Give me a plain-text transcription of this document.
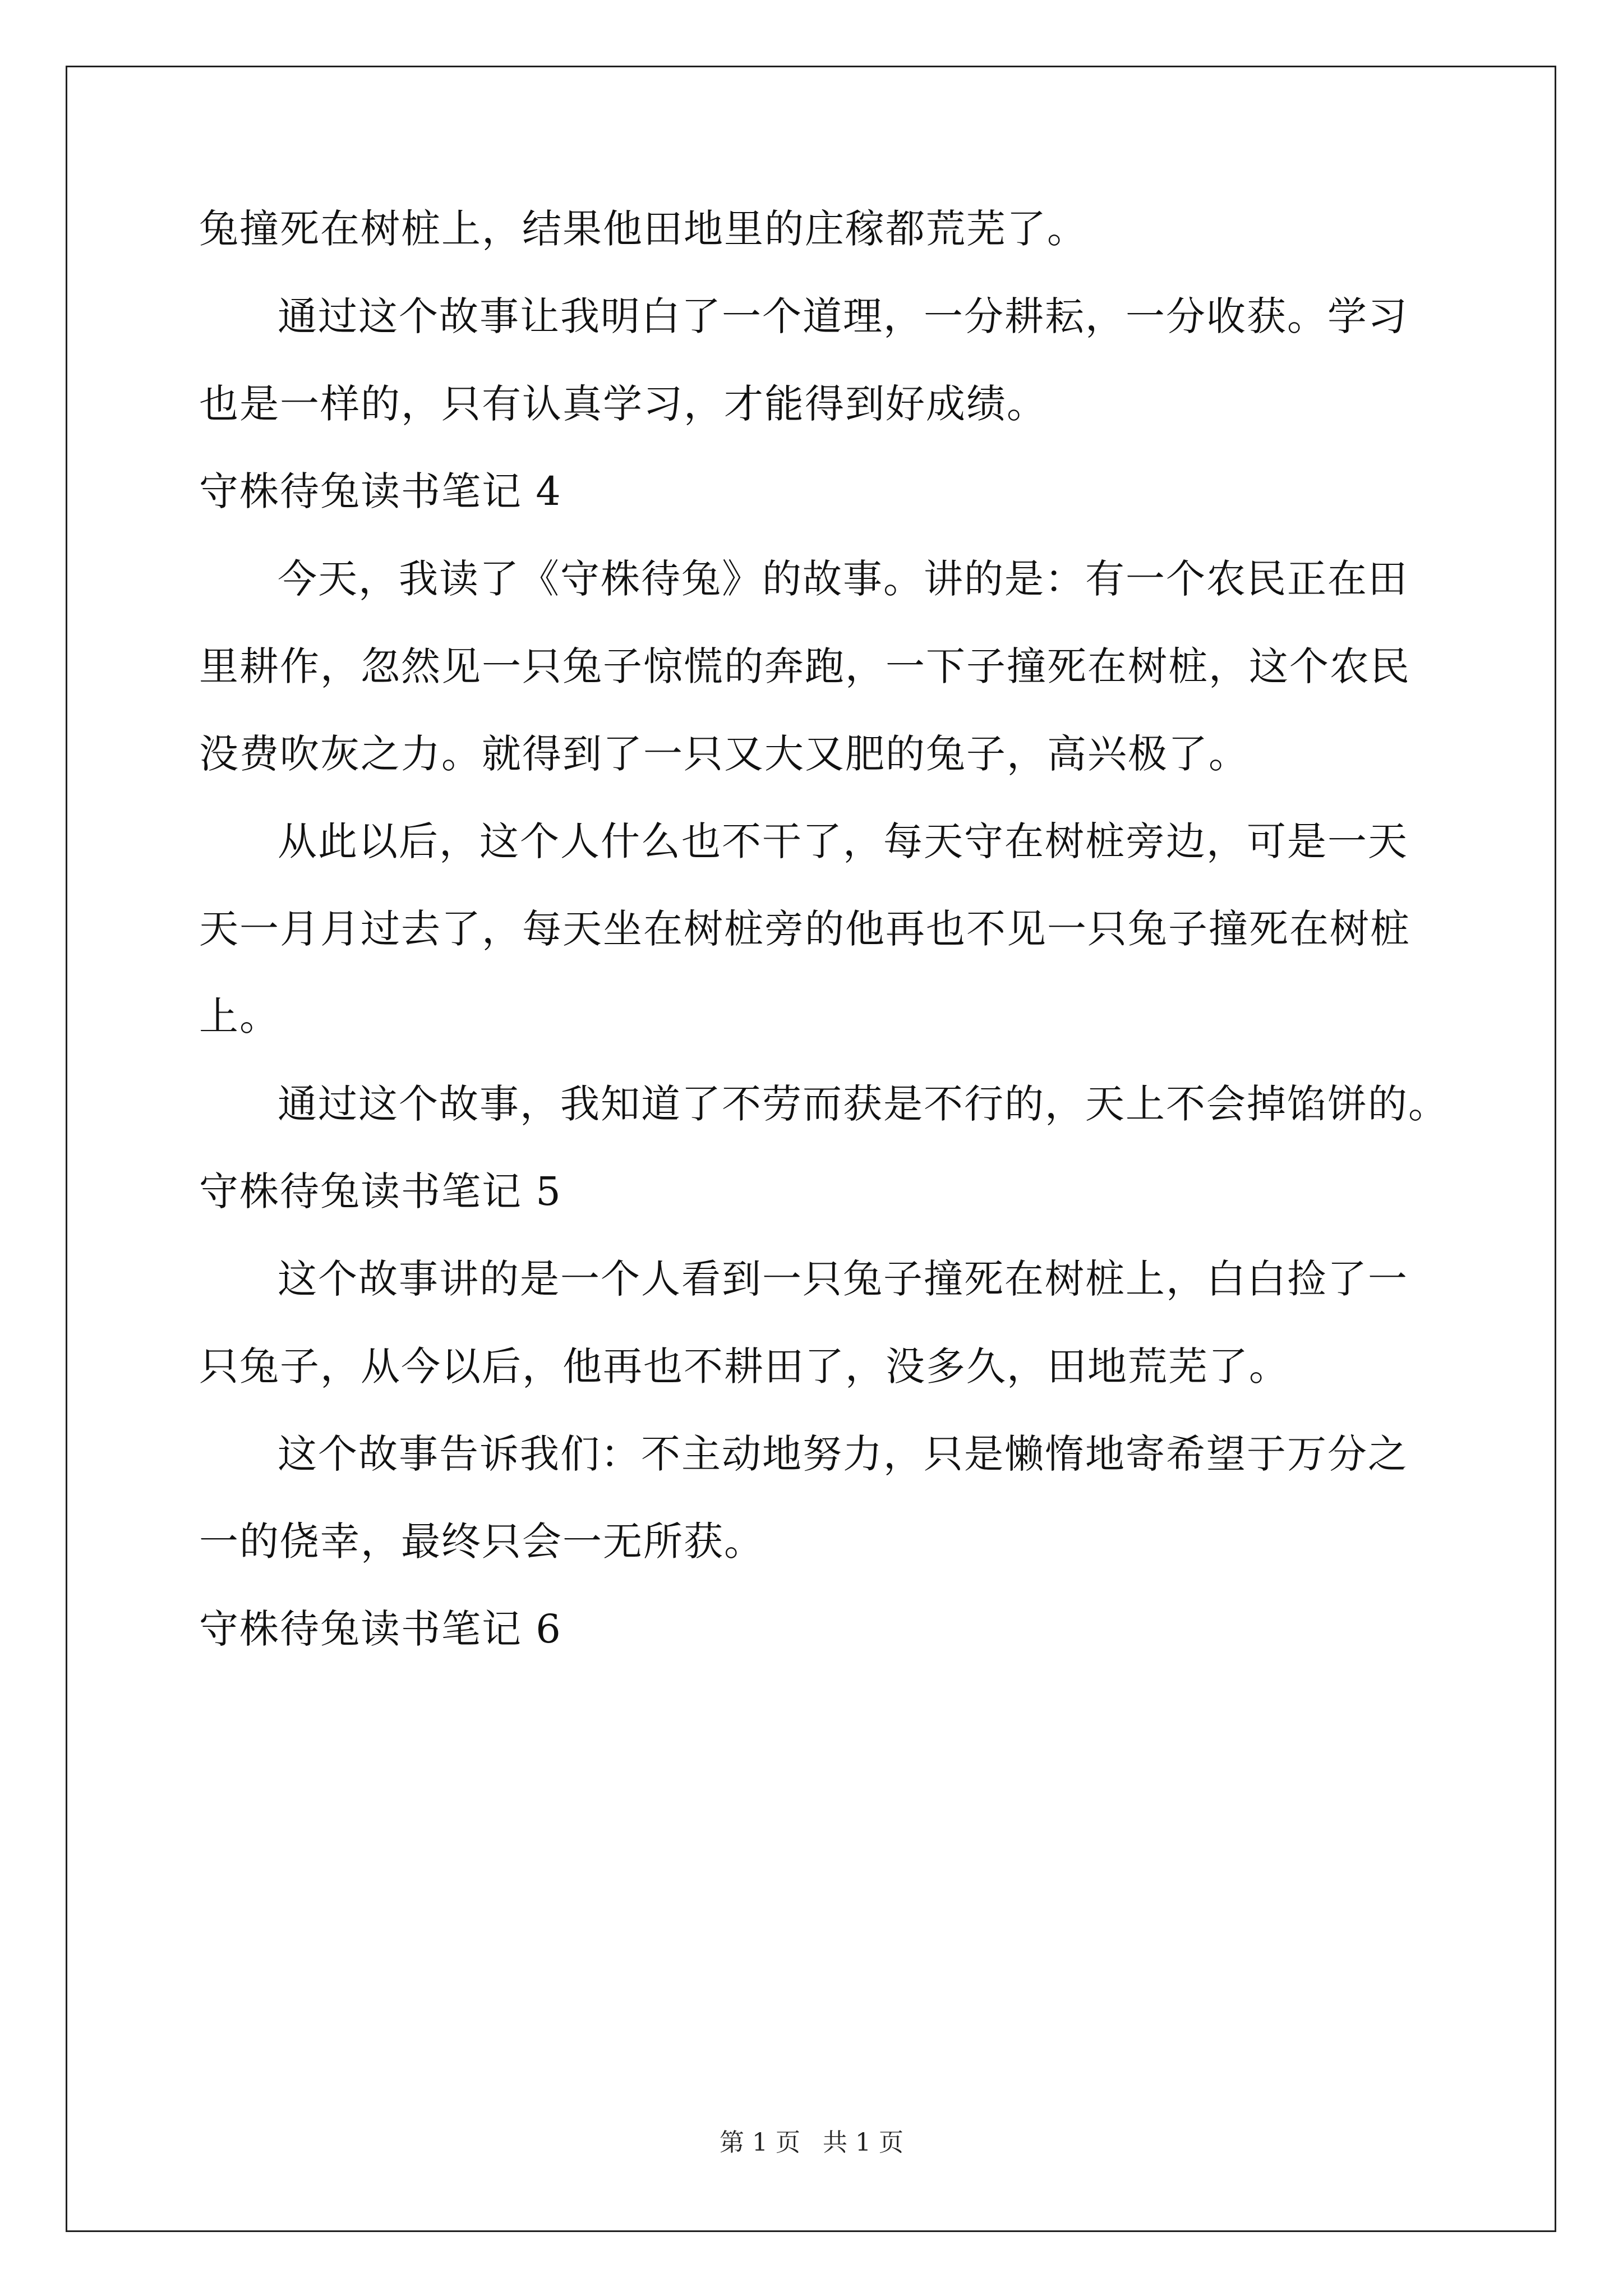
兔撞死在树桩上，结果他田地里的庄稼都荒芜了。
通过这个故事让我明白了一个道理，一分耕耘，一分收获。学习
也是一样的，只有认真学习，才能得到好成绩。
守株待兔读书笔记 4
今天，我读了《守株待兔》的故事。讲的是：有一个农民正在田
里耕作，忽然见一只兔子惊慌的奔跑，一下子撞死在树桩，这个农民
没费吹灰之力。就得到了一只又大又肥的兔子，高兴极了。
从此以后，这个人什么也不干了，每天守在树桩旁边，可是一天
天一月月过去了，每天坐在树桩旁的他再也不见一只兔子撞死在树桩
上。
通过这个故事，我知道了不劳而获是不行的，天上不会掉馅饼的。
守株待兔读书笔记 5
这个故事讲的是一个人看到一只兔子撞死在树桩上，白白捡了一
只兔子，从今以后，他再也不耕田了，没多久，田地荒芜了。
这个故事告诉我们：不主动地努力，只是懒惰地寄希望于万分之
一的侥幸，最终只会一无所获。
守株待兔读书笔记 6
第 1 页 共 1 页
